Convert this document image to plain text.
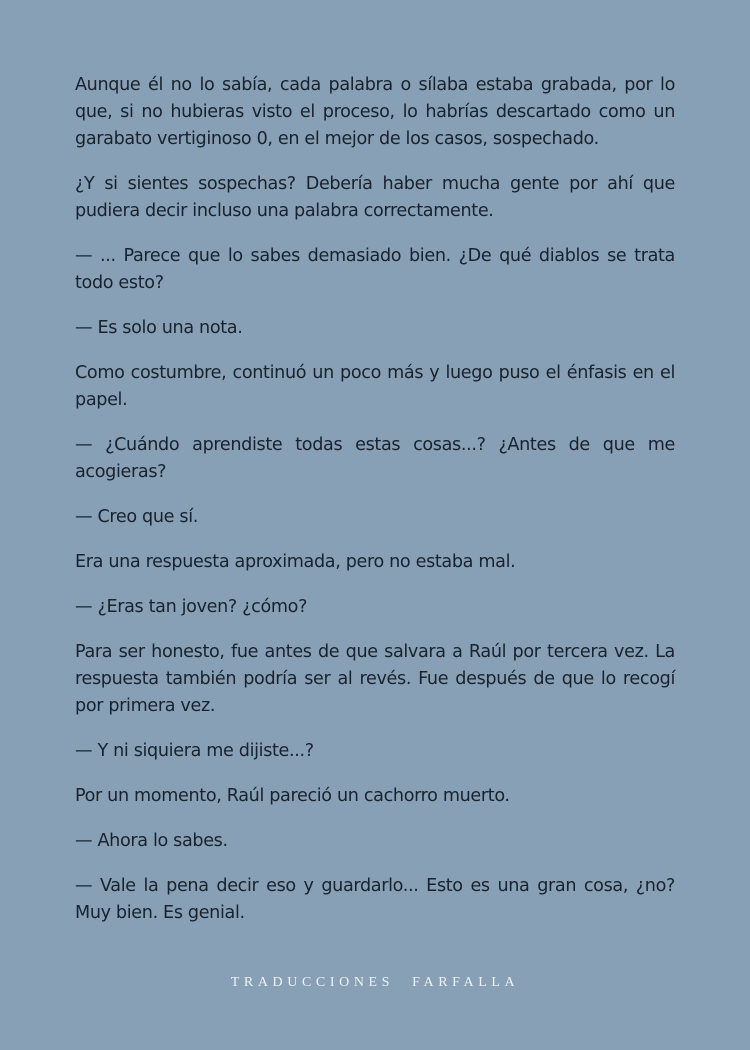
Aunque él no lo sabía, cada palabra o sílaba estaba grabada, por lo que, si no hubieras visto el proceso, lo habrías descartado como un garabato vertiginoso 0, en el mejor de los casos, sospechado.

¿Y si sientes sospechas? Debería haber mucha gente por ahí que pudiera decir incluso una palabra correctamente.

— ... Parece que lo sabes demasiado bien. ¿De qué diablos se trata todo esto?

— Es solo una nota.

Como costumbre, continuó un poco más y luego puso el énfasis en el papel.

— ¿Cuándo aprendiste todas estas cosas...? ¿Antes de que me acogieras?

— Creo que sí.

Era una respuesta aproximada, pero no estaba mal.

— ¿Eras tan joven? ¿cómo?

Para ser honesto, fue antes de que salvara a Raúl por tercera vez. La respuesta también podría ser al revés. Fue después de que lo recogí por primera vez.

— Y ni siquiera me dijiste...?

Por un momento, Raúl pareció un cachorro muerto.

— Ahora lo sabes.

— Vale la pena decir eso y guardarlo... Esto es una gran cosa, ¿no? Muy bien. Es genial.

TRADUCCIONES FARFALLA
